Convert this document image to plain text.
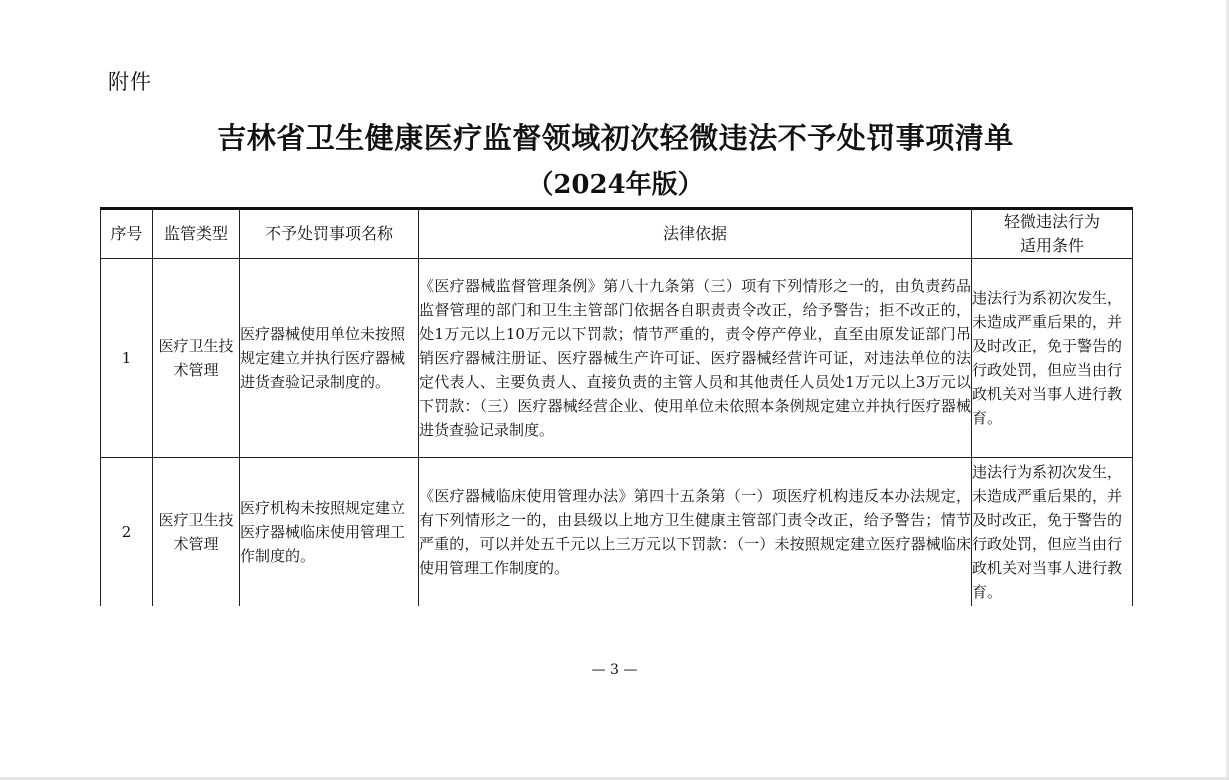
附件
吉林省卫生健康医疗监督领域初次轻微违法不予处罚事项清单
（2024年版）
序号	监管类型	不予处罚事项名称	法律依据	轻微违法行为
适用条件

1	医疗卫生技术管理	医疗器械使用单位未按照规定建立并执行医疗器械进货查验记录制度的。	《医疗器械监督管理条例》第八十九条第（三）项有下列情形之一的，由负责药品监督管理的部门和卫生主管部门依据各自职责责令改正，给予警告；拒不改正的，处1万元以上10万元以下罚款；情节严重的，责令停产停业，直至由原发证部门吊销医疗器械注册证、医疗器械生产许可证、医疗器械经营许可证，对违法单位的法定代表人、主要负责人、直接负责的主管人员和其他责任人员处1万元以上3万元以下罚款：（三）医疗器械经营企业、使用单位未依照本条例规定建立并执行医疗器械进货查验记录制度。	违法行为系初次发生，未造成严重后果的，并及时改正，免于警告的行政处罚，但应当由行政机关对当事人进行教育。
2	医疗卫生技术管理	医疗机构未按照规定建立医疗器械临床使用管理工作制度的。	《医疗器械临床使用管理办法》第四十五条第（一）项医疗机构违反本办法规定，有下列情形之一的，由县级以上地方卫生健康主管部门责令改正，给予警告；情节严重的，可以并处五千元以上三万元以下罚款：（一）未按照规定建立医疗器械临床使用管理工作制度的。	违法行为系初次发生，未造成严重后果的，并及时改正，免于警告的行政处罚，但应当由行政机关对当事人进行教育。
— 3 —
